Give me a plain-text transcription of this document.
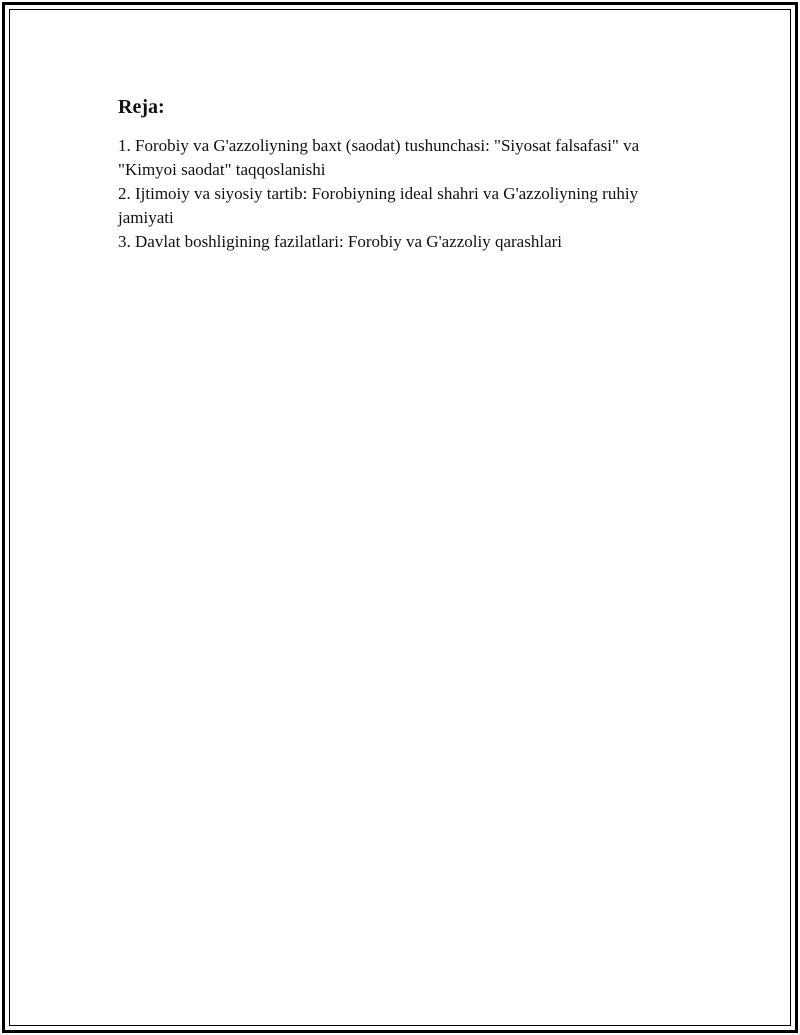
Reja:
1. Forobiy va G'azzoliyning baxt (saodat) tushunchasi: "Siyosat falsafasi" va "Kimyoi saodat" taqqoslanishi
2. Ijtimoiy va siyosiy tartib: Forobiyning ideal shahri va G'azzoliyning ruhiy jamiyati
3. Davlat boshligining fazilatlari: Forobiy va G'azzoliy qarashlari
